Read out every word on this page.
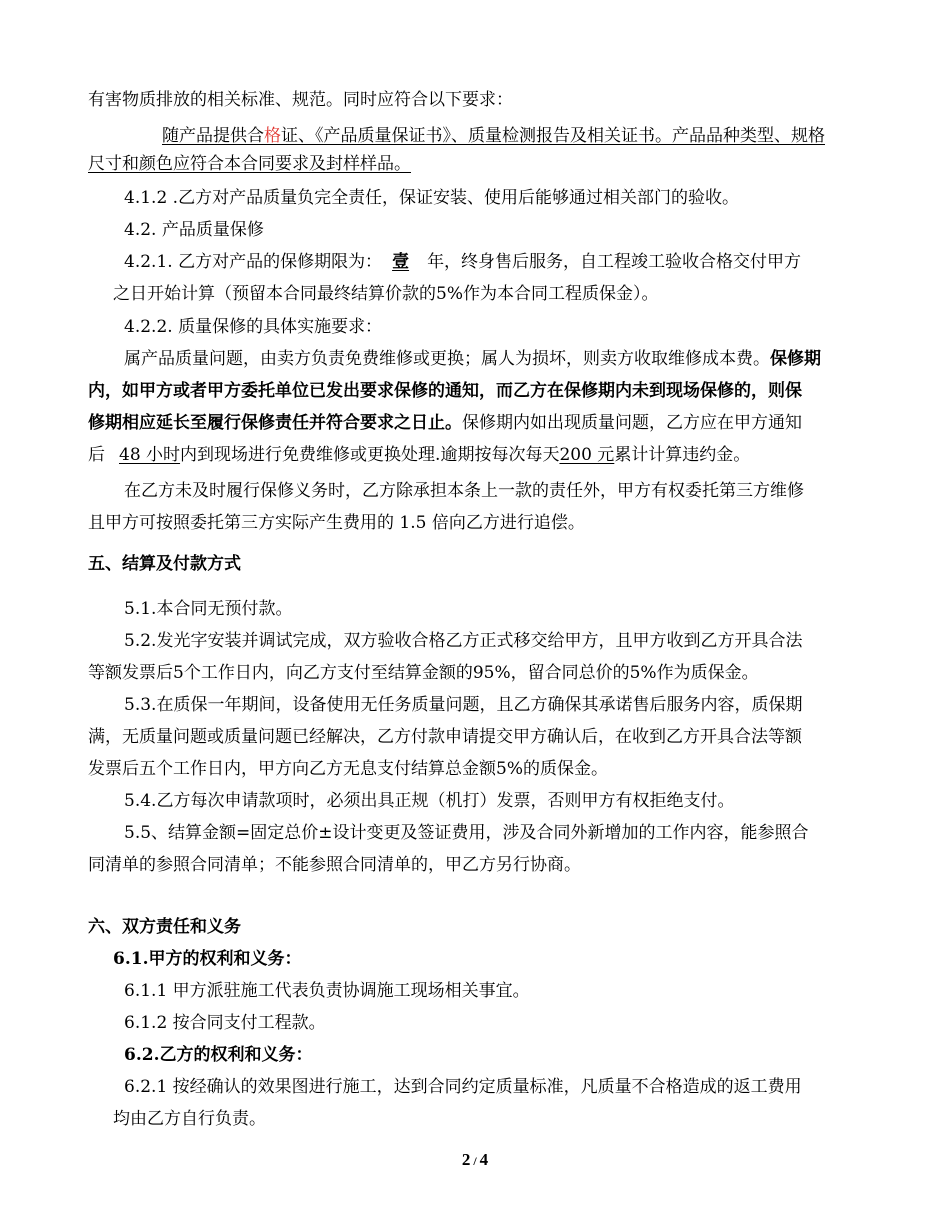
有害物质排放的相关标准、规范。同时应符合以下要求：
随产品提供合格证、《产品质量保证书》、质量检测报告及相关证书。产品品种类型、规格
尺寸和颜色应符合本合同要求及封样样品。
4.1.2 .乙方对产品质量负完全责任，保证安装、使用后能够通过相关部门的验收。
4.2. 产品质量保修
4.2.1. 乙方对产品的保修期限为： 壹 年，终身售后服务，自工程竣工验收合格交付甲方
之日开始计算（预留本合同最终结算价款的5%作为本合同工程质保金）。
4.2.2. 质量保修的具体实施要求：
属产品质量问题，由卖方负责免费维修或更换；属人为损坏，则卖方收取维修成本费。保修期
内，如甲方或者甲方委托单位已发出要求保修的通知，而乙方在保修期内未到现场保修的，则保
修期相应延长至履行保修责任并符合要求之日止。保修期内如出现质量问题，乙方应在甲方通知
后 48 小时内到现场进行免费维修或更换处理.逾期按每次每天200 元累计计算违约金。
在乙方未及时履行保修义务时，乙方除承担本条上一款的责任外，甲方有权委托第三方维修
且甲方可按照委托第三方实际产生费用的 1.5 倍向乙方进行追偿。
五、结算及付款方式
5.1.本合同无预付款。
5.2.发光字安装并调试完成，双方验收合格乙方正式移交给甲方，且甲方收到乙方开具合法
等额发票后5个工作日内，向乙方支付至结算金额的95%，留合同总价的5%作为质保金。
5.3.在质保一年期间，设备使用无任务质量问题，且乙方确保其承诺售后服务内容，质保期
满，无质量问题或质量问题已经解决，乙方付款申请提交甲方确认后，在收到乙方开具合法等额
发票后五个工作日内，甲方向乙方无息支付结算总金额5%的质保金。
5.4.乙方每次申请款项时，必须出具正规（机打）发票，否则甲方有权拒绝支付。
5.5、结算金额=固定总价±设计变更及签证费用，涉及合同外新增加的工作内容，能参照合
同清单的参照合同清单；不能参照合同清单的，甲乙方另行协商。
六、双方责任和义务
6.1.甲方的权利和义务：
6.1.1 甲方派驻施工代表负责协调施工现场相关事宜。
6.1.2 按合同支付工程款。
6.2.乙方的权利和义务：
6.2.1 按经确认的效果图进行施工，达到合同约定质量标准，凡质量不合格造成的返工费用
均由乙方自行负责。
2 / 4
